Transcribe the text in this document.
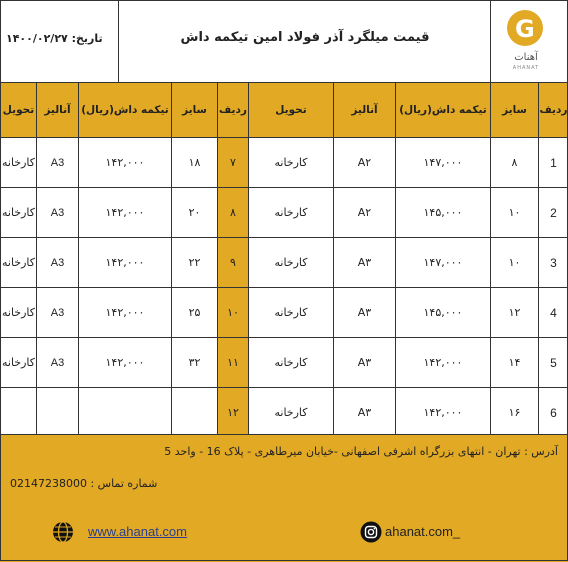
تاریخ: ۱۴۰۰/۰۲/۲۷	قیمت میلگرد آذر فولاد امین تیکمه داش	G
آهنات
AHANAT
ردیف	سایز	تیکمه داش(ریال)	آنالیز	تحویل	ردیف	سایز	تیکمه داش(ریال)	آنالیز	تحویل
1	۸	۱۴۷,۰۰۰	A۲	کارخانه	۷	۱۸	۱۴۲,۰۰۰	A3	کارخانه
2	۱۰	۱۴۵,۰۰۰	A۲	کارخانه	۸	۲۰	۱۴۲,۰۰۰	A3	کارخانه
3	۱۰	۱۴۷,۰۰۰	A۳	کارخانه	۹	۲۲	۱۴۲,۰۰۰	A3	کارخانه
4	۱۲	۱۴۵,۰۰۰	A۳	کارخانه	۱۰	۲۵	۱۴۲,۰۰۰	A3	کارخانه
5	۱۴	۱۴۲,۰۰۰	A۳	کارخانه	۱۱	۳۲	۱۴۲,۰۰۰	A3	کارخانه
6	۱۶	۱۴۲,۰۰۰	A۳	کارخانه	۱۲				
آدرس : تهران - انتهای بزرگراه اشرفی اصفهانی -خیابان میرطاهری - پلاک 16 - واحد 5
شماره تماس : 02147238000
www.ahanat.com	ahanat.com_
